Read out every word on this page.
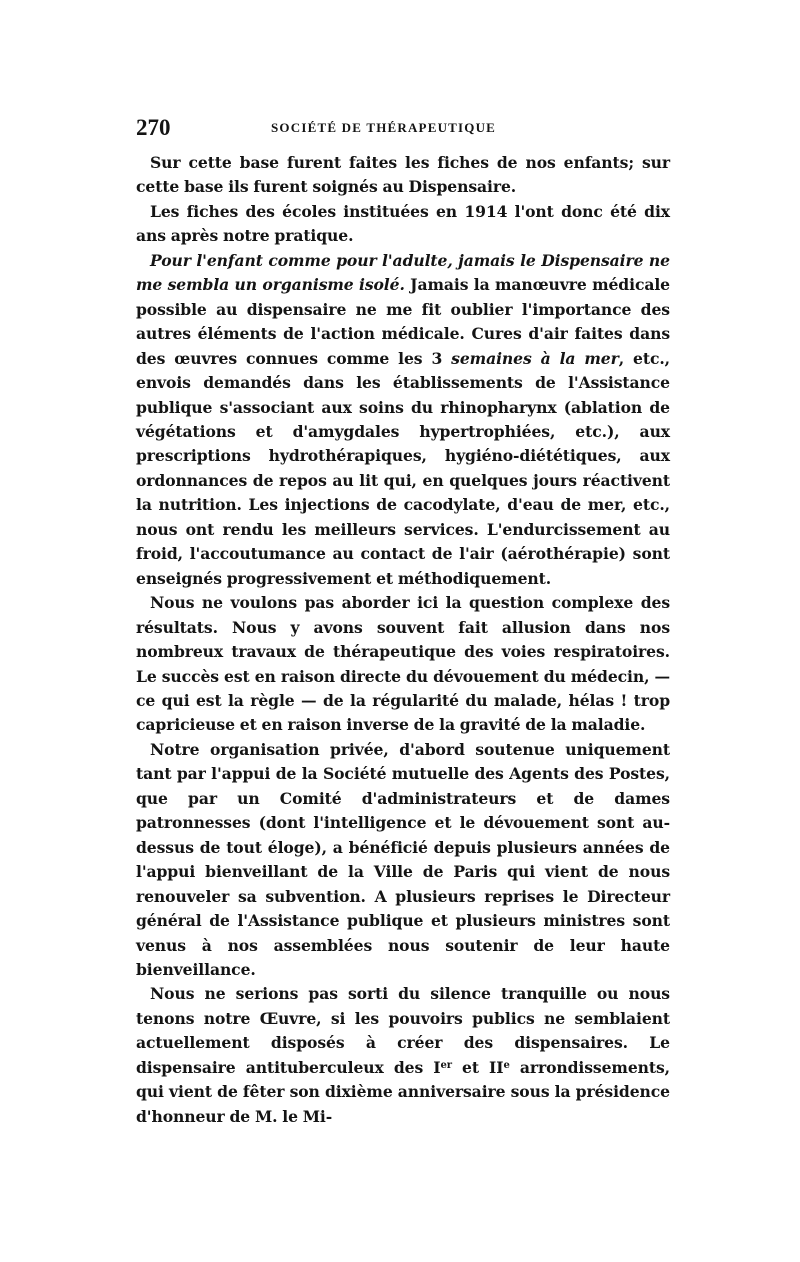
270	SOCIÉTÉ DE THÉRAPEUTIQUE

Sur cette base furent faites les fiches de nos enfants; sur cette base ils furent soignés au Dispensaire.

Les fiches des écoles instituées en 1914 l'ont donc été dix ans après notre pratique.

Pour l'enfant comme pour l'adulte, jamais le Dispensaire ne me sembla un organisme isolé. Jamais la manœuvre médicale possible au dispensaire ne me fit oublier l'importance des autres éléments de l'action médicale. Cures d'air faites dans des œuvres connues comme les 3 semaines à la mer, etc., envois demandés dans les établissements de l'Assistance publique s'associant aux soins du rhinopharynx (ablation de végétations et d'amygdales hypertrophiées, etc.), aux prescriptions hydrothérapiques, hygiéno-diététiques, aux ordonnances de repos au lit qui, en quelques jours réactivent la nutrition. Les injections de cacodylate, d'eau de mer, etc., nous ont rendu les meilleurs services. L'endurcissement au froid, l'accoutumance au contact de l'air (aérothérapie) sont enseignés progressivement et méthodiquement.

Nous ne voulons pas aborder ici la question complexe des résultats. Nous y avons souvent fait allusion dans nos nombreux travaux de thérapeutique des voies respiratoires. Le succès est en raison directe du dévouement du médecin, — ce qui est la règle — de la régularité du malade, hélas ! trop capricieuse et en raison inverse de la gravité de la maladie.

Notre organisation privée, d'abord soutenue uniquement tant par l'appui de la Société mutuelle des Agents des Postes, que par un Comité d'administrateurs et de dames patronnesses (dont l'intelligence et le dévouement sont au-dessus de tout éloge), a bénéficié depuis plusieurs années de l'appui bienveillant de la Ville de Paris qui vient de nous renouveler sa subvention. A plusieurs reprises le Directeur général de l'Assistance publique et plusieurs ministres sont venus à nos assemblées nous soutenir de leur haute bienveillance.

Nous ne serions pas sorti du silence tranquille ou nous tenons notre Œuvre, si les pouvoirs publics ne semblaient actuellement disposés à créer des dispensaires. Le dispensaire antituberculeux des Ier et IIe arrondissements, qui vient de fêter son dixième anniversaire sous la présidence d'honneur de M. le Mi-
